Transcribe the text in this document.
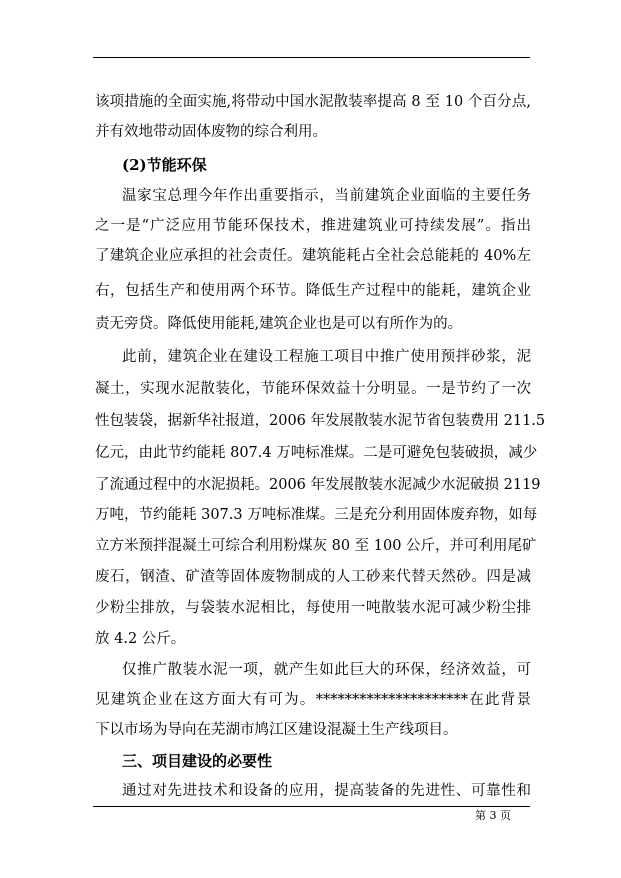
该项措施的全面实施,将带动中国水泥散装率提高 8 至 10 个百分点,
并有效地带动固体废物的综合利用。
(2)节能环保
温家宝总理今年作出重要指示，当前建筑企业面临的主要任务
之一是“广泛应用节能环保技术，推进建筑业可持续发展”。指出
了建筑企业应承担的社会责任。建筑能耗占全社会总能耗的 40%左
右，包括生产和使用两个环节。降低生产过程中的能耗，建筑企业
责无旁贷。降低使用能耗,建筑企业也是可以有所作为的。
此前，建筑企业在建设工程施工项目中推广使用预拌砂浆，泥
凝土，实现水泥散装化，节能环保效益十分明显。一是节约了一次
性包装袋，据新华社报道，2006 年发展散装水泥节省包装费用 211.5
亿元，由此节约能耗 807.4 万吨标准煤。二是可避免包装破损，减少
了流通过程中的水泥损耗。2006 年发展散装水泥减少水泥破损 2119
万吨，节约能耗 307.3 万吨标准煤。三是充分利用固体废弃物，如每
立方米预拌混凝土可综合利用粉煤灰 80 至 100 公斤，并可利用尾矿
废石，钢渣、矿渣等固体废物制成的人工砂来代替天然砂。四是减
少粉尘排放，与袋装水泥相比，每使用一吨散装水泥可减少粉尘排
放 4.2 公斤。
仅推广散装水泥一项，就产生如此巨大的环保，经济效益，可
见建筑企业在这方面大有可为。*********************在此背景
下以市场为导向在芜湖市鸠江区建设混凝土生产线项目。
三、项目建设的必要性
通过对先进技术和设备的应用，提高装备的先进性、可靠性和
第 3 页
